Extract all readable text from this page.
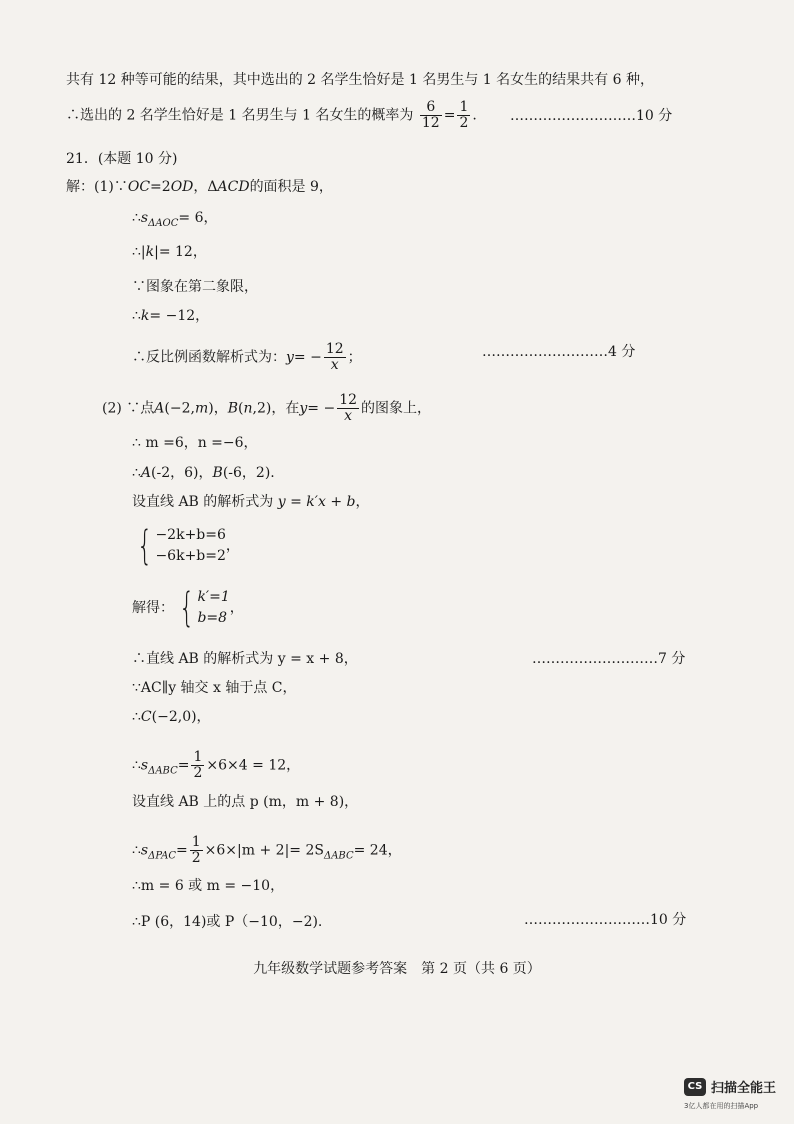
共有 12 种等可能的结果，其中选出的 2 名学生恰好是 1 名男生与 1 名女生的结果共有 6 种，
∴选出的 2 名学生恰好是 1 名男生与 1 名女生的概率为 $\frac{6}{12} = \frac{1}{2}$ . ………………………10 分
21．(本题 10 分)
解：(1)∵OC=2OD，ΔACD的面积是 9，
$\therefore s_{\Delta AOC}= 6$，
∴|k|= 12，
∵图象在第二象限，
∴k= −12，
∴反比例函数解析式为：$y= - \frac{12}{x}$ ；	………………………4 分
(2) ∵点A(−2,m)，B(n,2)，在$y= - \frac{12}{x}$ 的图象上，
∴ m =6，n =−6，
∴A(-2，6)，B(-6，2).
设直线 AB 的解析式为 y = k′x + b，
{ −2k+b=6
−6k+b=2
，
解得： { k′=1
b=8
，
∴直线 AB 的解析式为 y = x + 8，	………………………7 分
∵AC∥y 轴交 x 轴于点 C，
∴C(−2,0)，
$\therefore s_{\Delta ABC}= \frac{1}{2} \times 6\times 4 = 12$，
设直线 AB 上的点 p (m，m + 8)，
$\therefore s_{\Delta PAC}= \frac{1}{2} \times 6\times|m + 2|= 2S_{\Delta ABC}= 24$，
∴m = 6 或 m = −10，
∴P (6，14)或 P（−10，−2).	………………………10 分
九年级数学试题参考答案　第 2 页（共 6 页）
CS 扫描全能王
3亿人都在用的扫描App
